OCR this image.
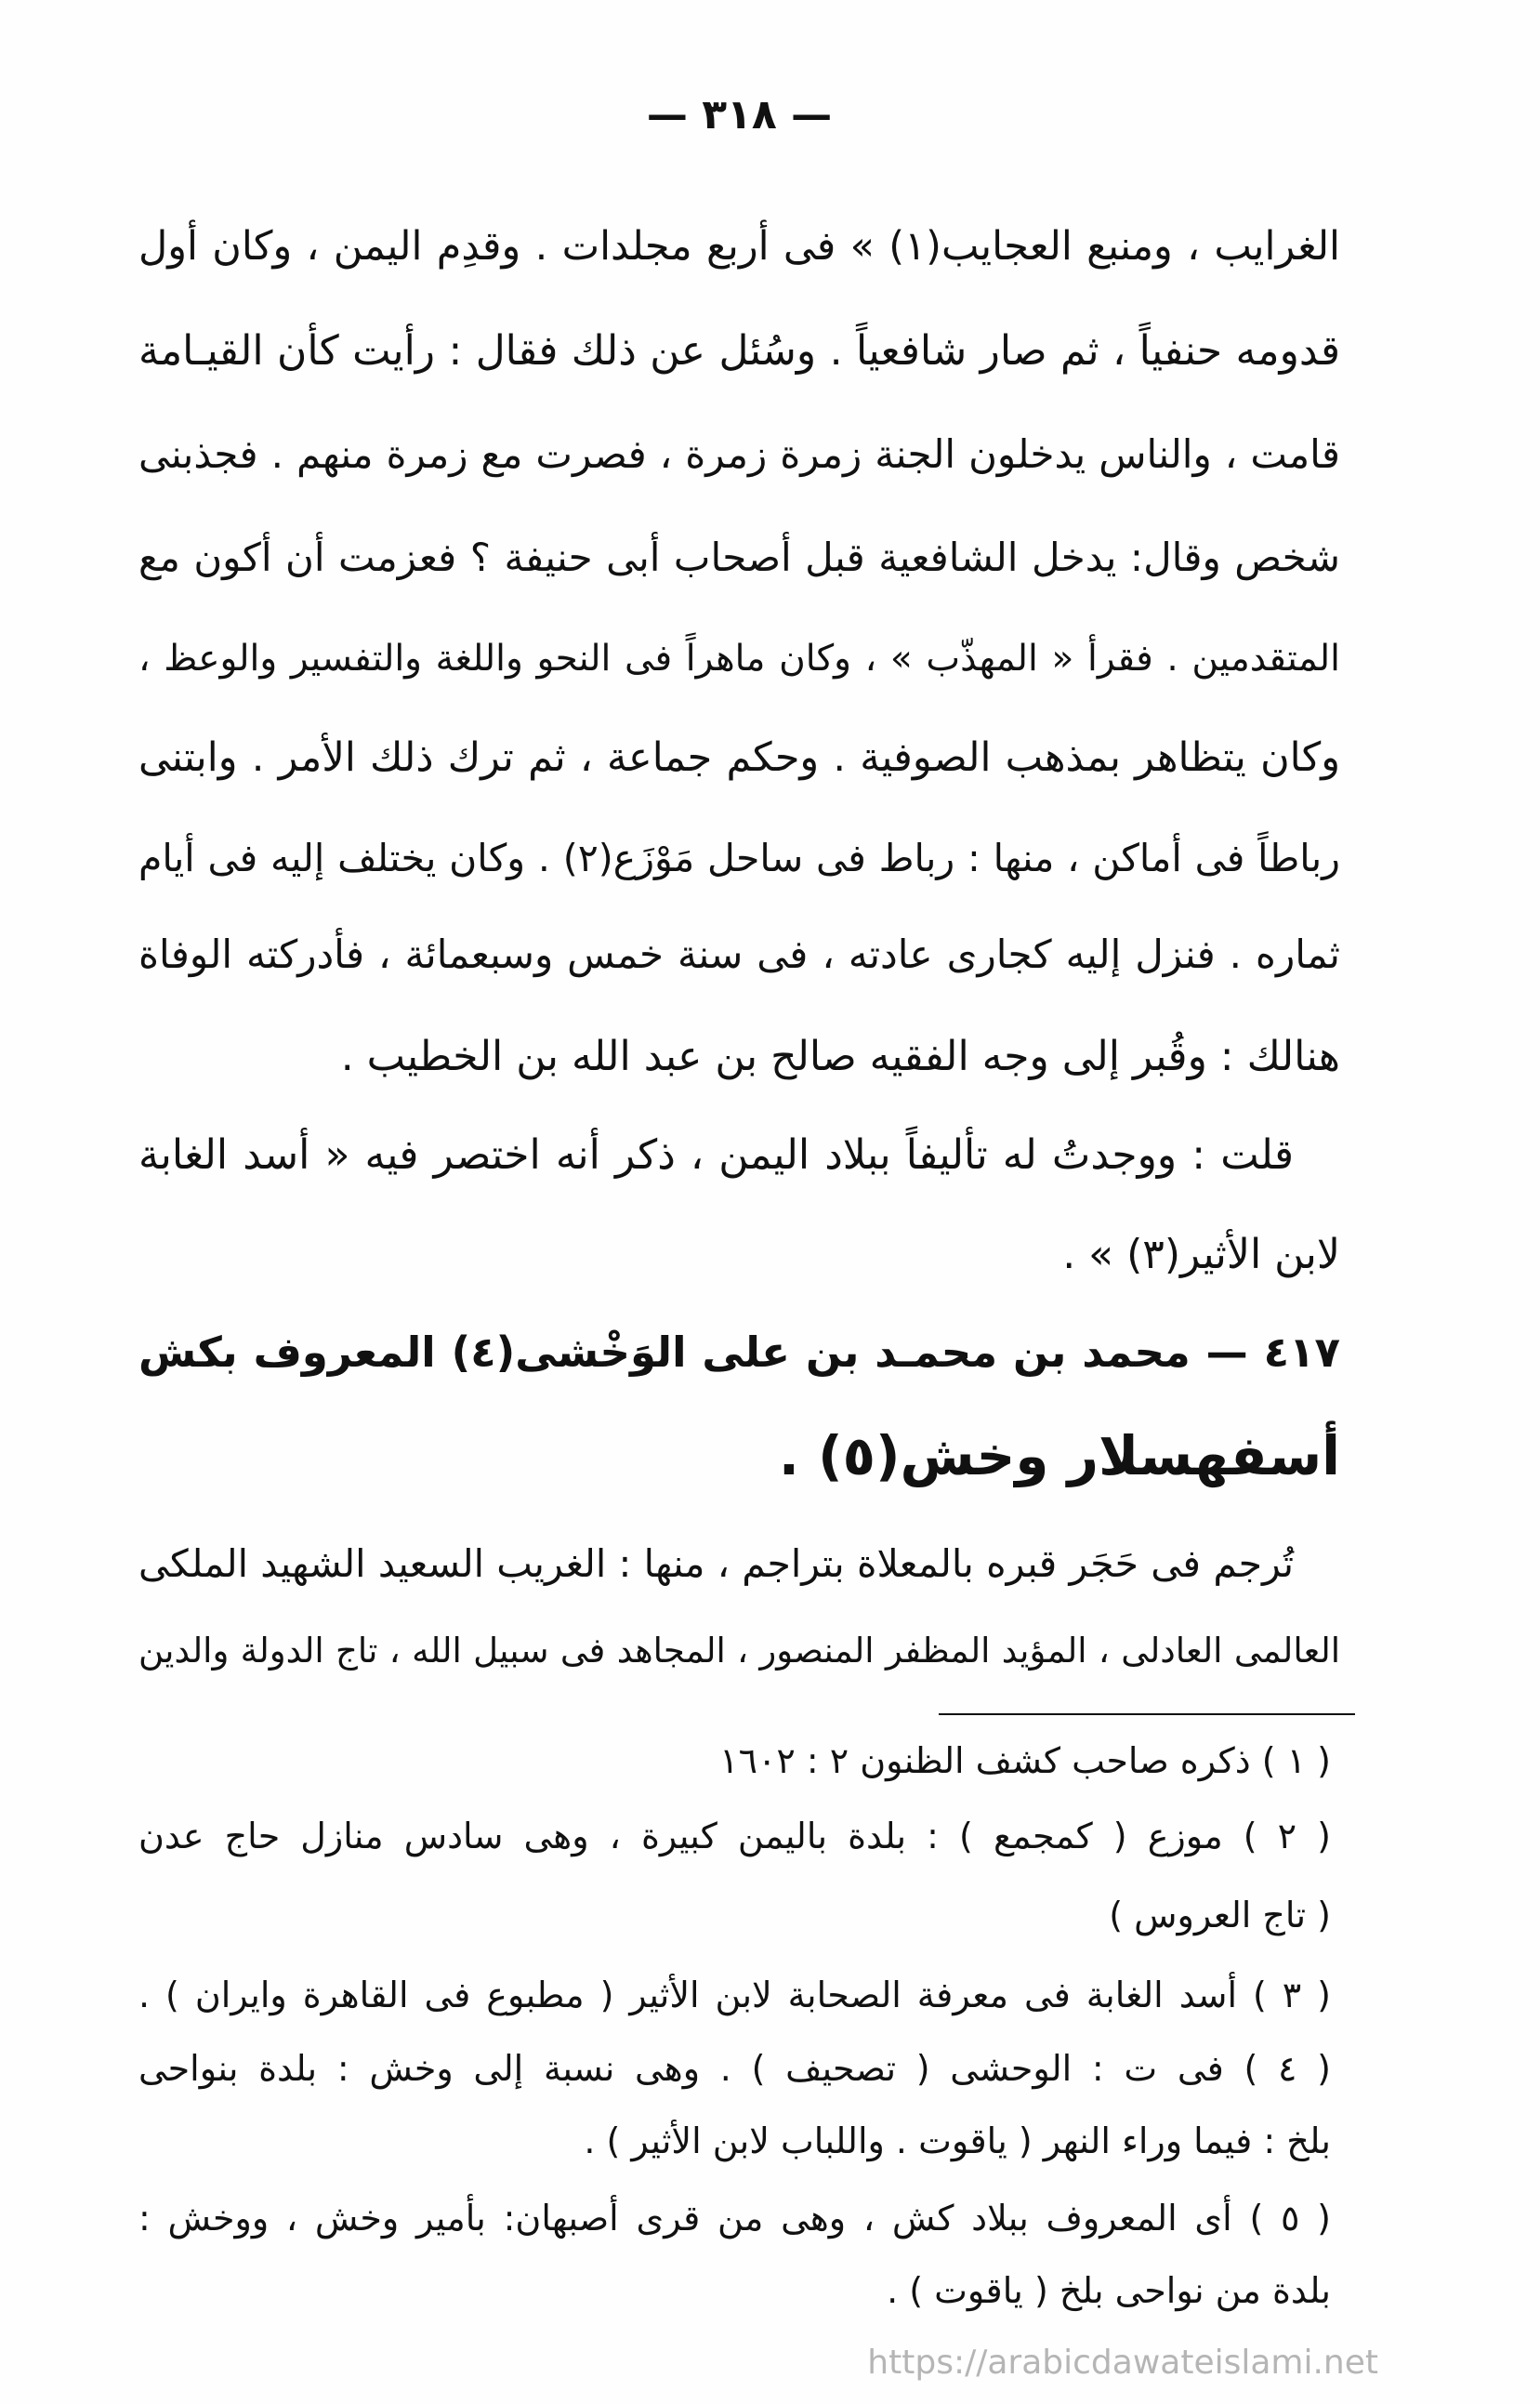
— ٣١٨ —
الغرايب ، ومنبع العجايب(١) » فى أربع مجلدات . وقدِم اليمن ، وكان أول
قدومه حنفياً ، ثم صار شافعياً . وسُئل عن ذلك فقال : رأيت كأن القيـامة
قامت ، والناس يدخلون الجنة زمرة زمرة ، فصرت مع زمرة منهم . فجذبنى
شخص وقال: يدخل الشافعية قبل أصحاب أبى حنيفة ؟ فعزمت أن أكون مع
المتقدمين . فقرأ « المهذّب » ، وكان ماهراً فى النحو واللغة والتفسير والوعظ ،
وكان يتظاهر بمذهب الصوفية . وحكم جماعة ، ثم ترك ذلك الأمر . وابتنى
رباطاً فى أماكن ، منها : رباط فى ساحل مَوْزَع(٢) . وكان يختلف إليه فى أيام
ثماره . فنزل إليه كجارى عادته ، فى سنة خمس وسبعمائة ، فأدركته الوفاة
هنالك : وقُبر إلى وجه الفقيه صالح بن عبد الله بن الخطيب .
قلت : ووجدتُ له تأليفاً ببلاد اليمن ، ذكر أنه اختصر فيه « أسد الغابة
لابن الأثير(٣) » .
٤١٧ — محمد بن محمـد بن على الوَخْشى(٤) المعروف بكش
أسفهسلار وخش(٥) .
تُرجم فى حَجَر قبره بالمعلاة بتراجم ، منها : الغريب السعيد الشهيد الملكى
العالمى العادلى ، المؤيد المظفر المنصور ، المجاهد فى سبيل الله ، تاج الدولة والدين
( ١ ) ذكره صاحب كشف الظنون ٢ : ١٦٠٢
( ٢ ) موزع ( كمجمع ) : بلدة باليمن كبيرة ، وهى سادس منازل حاج عدن
( تاج العروس )
( ٣ ) أسد الغابة فى معرفة الصحابة لابن الأثير ( مطبوع فى القاهرة وايران ) .
( ٤ ) فى ت : الوحشى ( تصحيف ) . وهى نسبة إلى وخش : بلدة بنواحى
بلخ : فيما وراء النهر ( ياقوت . واللباب لابن الأثير ) .
( ٥ ) أى المعروف ببلاد كش ، وهى من قرى أصبهان: بأمير وخش ، ووخش :
بلدة من نواحى بلخ ( ياقوت ) .
https://arabicdawateislami.net
